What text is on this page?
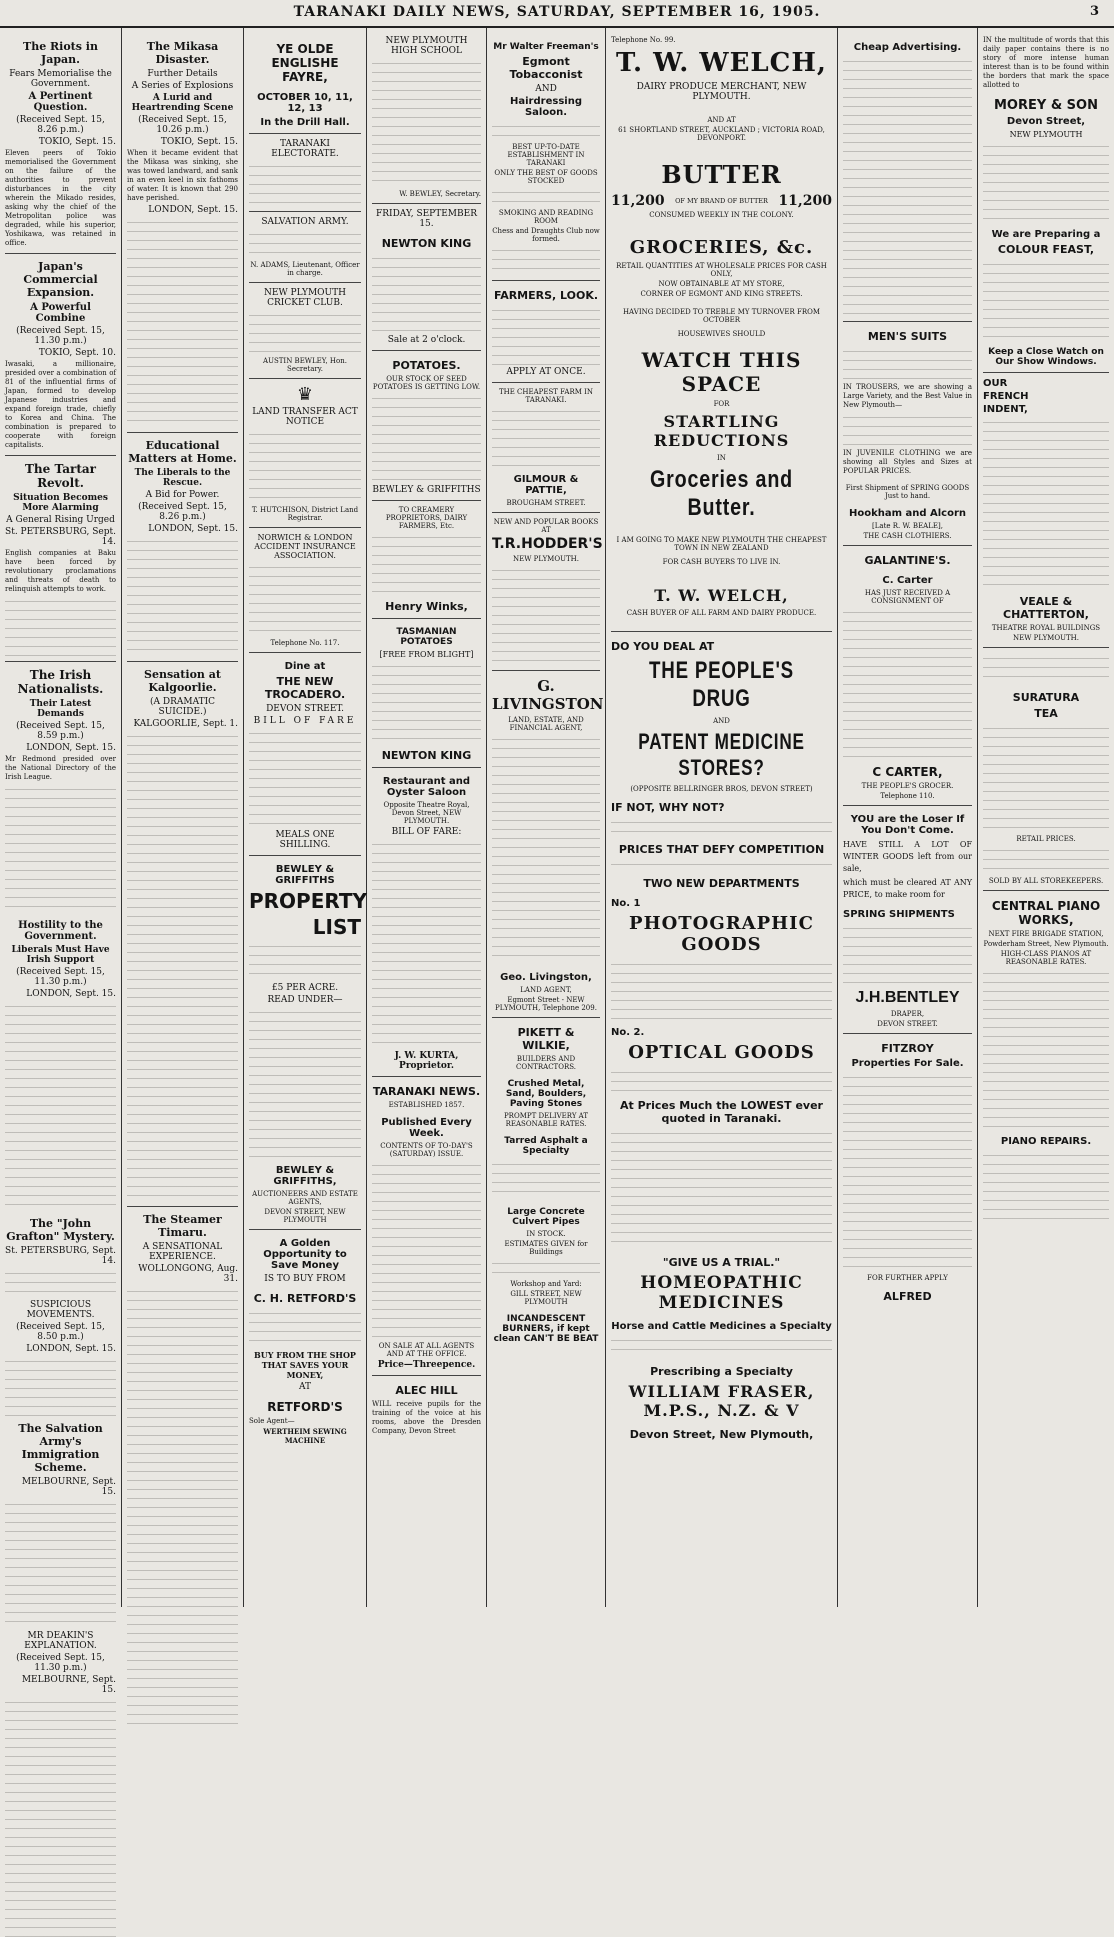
TARANAKI DAILY NEWS, SATURDAY, SEPTEMBER 16, 1905.	3
The Riots in Japan.
Fears Memorialise the Government.
A Pertinent Question.
(Received Sept. 15, 8.26 p.m.)
TOKIO, Sept. 15.
Eleven peers of Tokio memorialised the Government on the failure of the authorities to prevent disturbances in the city wherein the Mikado resides, asking why the chief of the Metropolitan police was degraded, while his superior, Yoshikawa, was retained in office.
Japan's Commercial Expansion.
A Powerful Combine
(Received Sept. 15, 11.30 p.m.)
TOKIO, Sept. 10.
Iwasaki, a millionaire, presided over a combination of 81 of the influential firms of Japan, formed to develop Japanese industries and expand foreign trade, chiefly to Korea and China. The combination is prepared to cooperate with foreign capitalists.
The Tartar Revolt.
Situation Becomes More Alarming
A General Rising Urged
St. PETERSBURG, Sept. 14.
English companies at Baku have been forced by revolutionary proclamations and threats of death to relinquish attempts to work.
The Irish Nationalists.
Their Latest Demands
(Received Sept. 15, 8.59 p.m.)
LONDON, Sept. 15.
Mr Redmond presided over the National Directory of the Irish League.
Hostility to the Government.
Liberals Must Have Irish Support
(Received Sept. 15, 11.30 p.m.)
LONDON, Sept. 15.
The "John Grafton" Mystery.
St. PETERSBURG, Sept. 14.
SUSPICIOUS MOVEMENTS.
(Received Sept. 15, 8.50 p.m.)
LONDON, Sept. 15.
The Salvation Army's Immigration Scheme.
MELBOURNE, Sept. 15.
MR DEAKIN'S EXPLANATION.
(Received Sept. 15, 11.30 p.m.)
MELBOURNE, Sept. 15.
The Mikasa Disaster.
Further Details
A Series of Explosions
A Lurid and Heartrending Scene
(Received Sept. 15, 10.26 p.m.)
TOKIO, Sept. 15.
When it became evident that the Mikasa was sinking, she was towed landward, and sank in an even keel in six fathoms of water. It is known that 290 have perished.
LONDON, Sept. 15.
Educational Matters at Home.
The Liberals to the Rescue.
A Bid for Power.
(Received Sept. 15, 8.26 p.m.)
LONDON, Sept. 15.
Sensation at Kalgoorlie.
(A DRAMATIC SUICIDE.)
KALGOORLIE, Sept. 1.
The Steamer Timaru.
A SENSATIONAL EXPERIENCE.
WOLLONGONG, Aug. 31.
YE OLDE ENGLISHE FAYRE,
OCTOBER 10, 11, 12, 13
In the Drill Hall.
TARANAKI ELECTORATE.
SALVATION ARMY.
N. ADAMS, Lieutenant, Officer in charge.
NEW PLYMOUTH CRICKET CLUB.
AUSTIN BEWLEY, Hon. Secretary.
♛
LAND TRANSFER ACT NOTICE
T. HUTCHISON, District Land Registrar.
NORWICH & LONDON ACCIDENT INSURANCE ASSOCIATION.
Telephone No. 117.
Dine at
THE NEW TROCADERO.
DEVON STREET.
BILL OF FARE
MEALS ONE SHILLING.
BEWLEY & GRIFFITHS
PROPERTY
LIST
£5 PER ACRE.
READ UNDER—
BEWLEY & GRIFFITHS,
AUCTIONEERS AND ESTATE AGENTS,
DEVON STREET, NEW PLYMOUTH
A Golden Opportunity to Save Money
IS TO BUY FROM
C. H. RETFORD'S
BUY FROM THE SHOP THAT SAVES YOUR MONEY,
AT
RETFORD'S
Sole Agent—
WERTHEIM SEWING MACHINE
NEW PLYMOUTH HIGH SCHOOL
W. BEWLEY, Secretary.
FRIDAY, SEPTEMBER 15.
NEWTON KING
Sale at 2 o'clock.
POTATOES.
OUR STOCK OF SEED POTATOES IS GETTING LOW.
BEWLEY & GRIFFITHS
TO CREAMERY PROPRIETORS, DAIRY FARMERS, Etc.
Henry Winks,
TASMANIAN POTATOES
[FREE FROM BLIGHT]
NEWTON KING
Restaurant and Oyster Saloon
Opposite Theatre Royal, Devon Street, NEW PLYMOUTH.
BILL OF FARE:
J. W. KURTA, Proprietor.
TARANAKI NEWS.
ESTABLISHED 1857.
Published Every Week.
CONTENTS OF TO-DAY'S (SATURDAY) ISSUE.
ON SALE AT ALL AGENTS AND AT THE OFFICE.
Price—Threepence.
ALEC HILL
WILL receive pupils for the training of the voice at his rooms, above the Dresden Company, Devon Street
Mr Walter Freeman's
Egmont Tobacconist
AND
Hairdressing Saloon.
BEST UP-TO-DATE ESTABLISHMENT IN TARANAKI
ONLY THE BEST OF GOODS STOCKED
SMOKING AND READING ROOM
Chess and Draughts Club now formed.
FARMERS, LOOK.
APPLY AT ONCE.
THE CHEAPEST FARM IN TARANAKI.
GILMOUR & PATTIE,
BROUGHAM STREET.
NEW AND POPULAR BOOKS AT
T.R.HODDER'S
NEW PLYMOUTH.
G. LIVINGSTON
LAND, ESTATE, AND FINANCIAL AGENT,
Geo. Livingston,
LAND AGENT,
Egmont Street - NEW PLYMOUTH, Telephone 209.
PIKETT & WILKIE,
BUILDERS AND CONTRACTORS.
Crushed Metal, Sand, Boulders, Paving Stones
PROMPT DELIVERY AT REASONABLE RATES.
Tarred Asphalt a Specialty
Large Concrete Culvert Pipes
IN STOCK.
ESTIMATES GIVEN for Buildings
Workshop and Yard:
GILL STREET, NEW PLYMOUTH
INCANDESCENT BURNERS, if kept clean CAN'T BE BEAT
Telephone No. 99.
T. W. WELCH,
DAIRY PRODUCE MERCHANT, NEW PLYMOUTH.
AND AT
61 SHORTLAND STREET, AUCKLAND ; VICTORIA ROAD, DEVONPORT.
BUTTER
11,200 OF MY BRAND OF BUTTER 11,200
CONSUMED WEEKLY IN THE COLONY.
GROCERIES, &c.
RETAIL QUANTITIES AT WHOLESALE PRICES FOR CASH ONLY,
NOW OBTAINABLE AT MY STORE,
CORNER OF EGMONT AND KING STREETS.
HAVING DECIDED TO TREBLE MY TURNOVER FROM OCTOBER
HOUSEWIVES SHOULD
WATCH THIS SPACE
FOR
STARTLING REDUCTIONS
IN
Groceries and Butter.
I AM GOING TO MAKE NEW PLYMOUTH THE CHEAPEST TOWN IN NEW ZEALAND
FOR CASH BUYERS TO LIVE IN.
T. W. WELCH,
CASH BUYER OF ALL FARM AND DAIRY PRODUCE.
DO YOU DEAL AT
THE PEOPLE'S DRUG
AND
PATENT MEDICINE STORES?
(OPPOSITE BELLRINGER BROS, DEVON STREET)
IF NOT, WHY NOT?
PRICES THAT DEFY COMPETITION
TWO NEW DEPARTMENTS
No. 1
PHOTOGRAPHIC GOODS
No. 2.
OPTICAL GOODS
At Prices Much the LOWEST ever quoted in Taranaki.
"GIVE US A TRIAL."
HOMEOPATHIC MEDICINES
Horse and Cattle Medicines a Specialty
Prescribing a Specialty
WILLIAM FRASER, M.P.S., N.Z. & V
Devon Street, New Plymouth,
Cheap Advertising.
MEN'S SUITS
IN TROUSERS, we are showing a Large Variety, and the Best Value in New Plymouth—
IN JUVENILE CLOTHING we are showing all Styles and Sizes at POPULAR PRICES.
First Shipment of SPRING GOODS Just to hand.
Hookham and Alcorn
[Late R. W. BEALE],
THE CASH CLOTHIERS.
GALANTINE'S.
C. Carter
HAS JUST RECEIVED A CONSIGNMENT OF
C CARTER,
THE PEOPLE'S GROCER.
Telephone 110.
YOU are the Loser If You Don't Come.
HAVE STILL A LOT OF WINTER GOODS left from our sale,
which must be cleared AT ANY PRICE, to make room for
SPRING SHIPMENTS
J.H.BENTLEY
DRAPER,
DEVON STREET.
FITZROY
Properties For Sale.
FOR FURTHER APPLY
ALFRED
IN the multitude of words that this daily paper contains there is no story of more intense human interest than is to be found within the borders that mark the space allotted to
MOREY & SON
Devon Street,
NEW PLYMOUTH
We are Preparing a
COLOUR FEAST,
Keep a Close Watch on Our Show Windows.
OUR
FRENCH
INDENT,
VEALE & CHATTERTON,
THEATRE ROYAL BUILDINGS
NEW PLYMOUTH.
SURATURA
TEA
RETAIL PRICES.
SOLD BY ALL STOREKEEPERS.
CENTRAL PIANO WORKS,
NEXT FIRE BRIGADE STATION,
Powderham Street, New Plymouth.
HIGH-CLASS PIANOS AT REASONABLE RATES.
PIANO REPAIRS.
